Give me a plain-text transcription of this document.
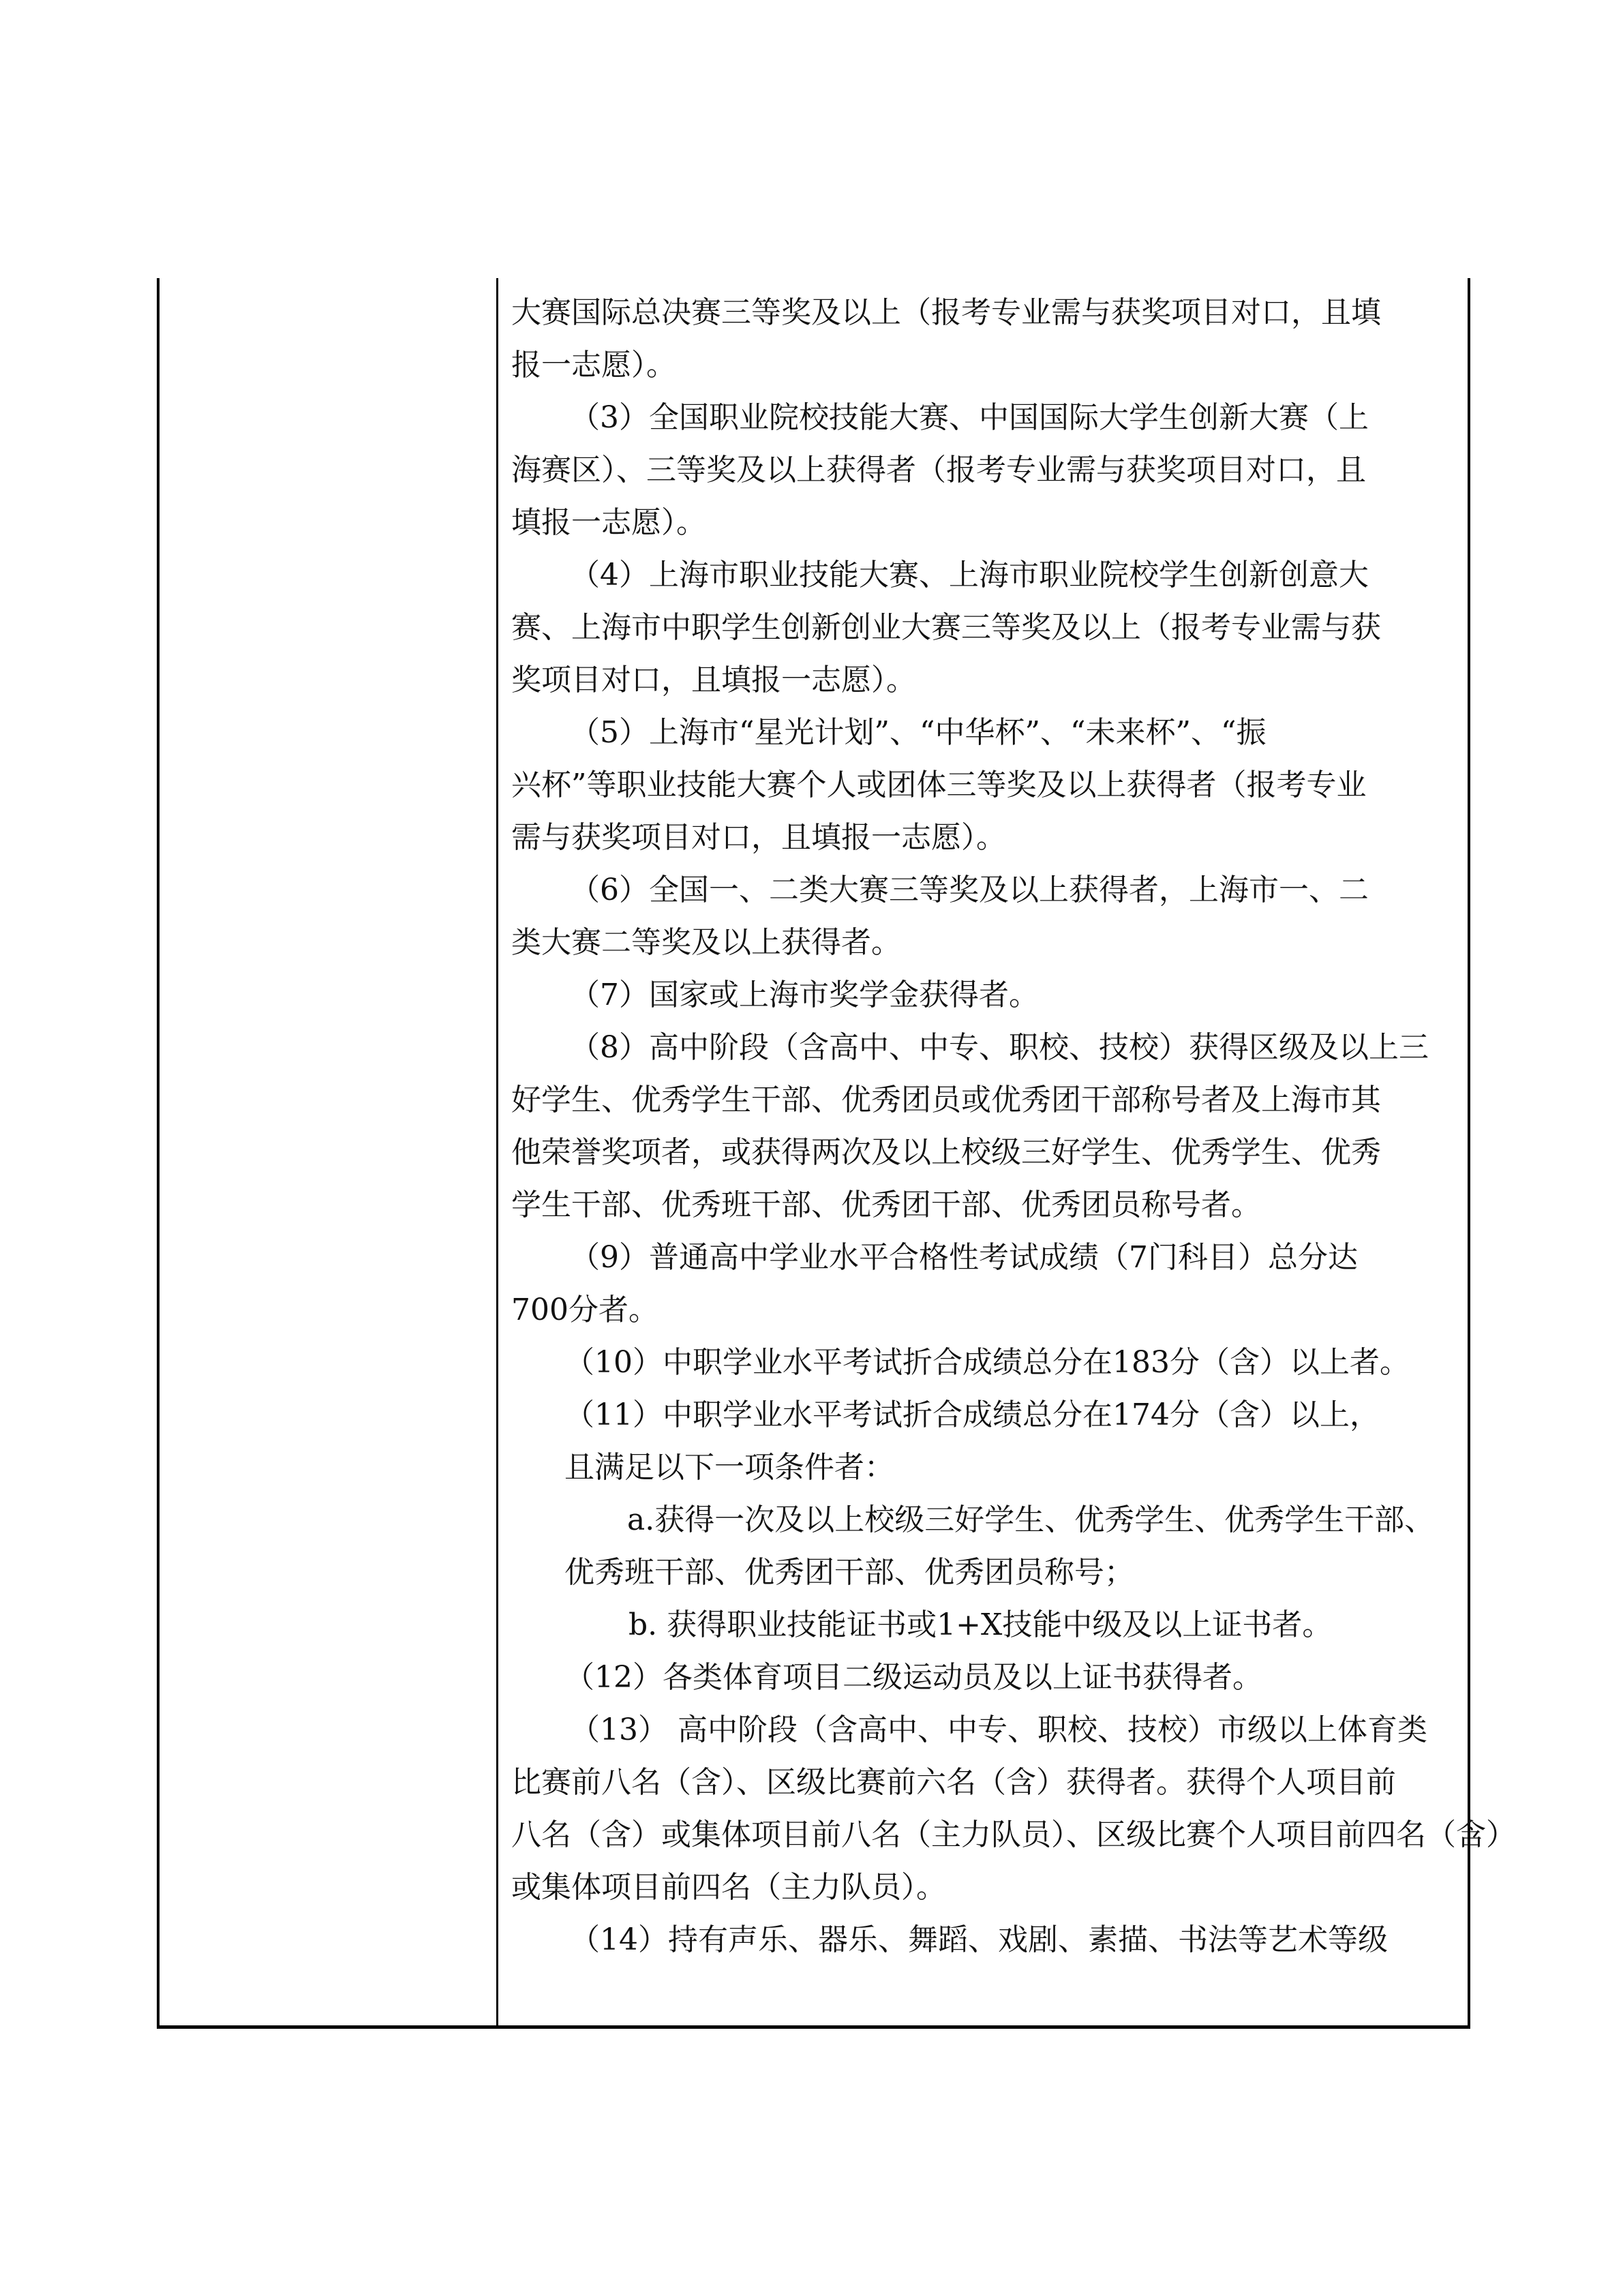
大赛国际总决赛三等奖及以上（报考专业需与获奖项目对口，且填

报一志愿）。

（3）全国职业院校技能大赛、中国国际大学生创新大赛（上

海赛区）、三等奖及以上获得者（报考专业需与获奖项目对口，且

填报一志愿）。

（4）上海市职业技能大赛、上海市职业院校学生创新创意大

赛、上海市中职学生创新创业大赛三等奖及以上（报考专业需与获

奖项目对口，且填报一志愿）。

（5）上海市“星光计划”、“中华杯”、“未来杯”、“振

兴杯”等职业技能大赛个人或团体三等奖及以上获得者（报考专业

需与获奖项目对口，且填报一志愿）。

（6）全国一、二类大赛三等奖及以上获得者，上海市一、二

类大赛二等奖及以上获得者。

（7）国家或上海市奖学金获得者。

（8）高中阶段（含高中、中专、职校、技校）获得区级及以上三

好学生、优秀学生干部、优秀团员或优秀团干部称号者及上海市其

他荣誉奖项者，或获得两次及以上校级三好学生、优秀学生、优秀

学生干部、优秀班干部、优秀团干部、优秀团员称号者。

（9）普通高中学业水平合格性考试成绩（7门科目）总分达

700分者。

（10）中职学业水平考试折合成绩总分在183分（含）以上者。

（11）中职学业水平考试折合成绩总分在174分（含）以上，

且满足以下一项条件者：

a.获得一次及以上校级三好学生、优秀学生、优秀学生干部、

优秀班干部、优秀团干部、优秀团员称号；

b. 获得职业技能证书或1+X技能中级及以上证书者。

（12）各类体育项目二级运动员及以上证书获得者。

（13） 高中阶段（含高中、中专、职校、技校）市级以上体育类

比赛前八名（含）、区级比赛前六名（含）获得者。获得个人项目前

八名（含）或集体项目前八名（主力队员）、区级比赛个人项目前四名（含）

或集体项目前四名（主力队员）。

（14）持有声乐、器乐、舞蹈、戏剧、素描、书法等艺术等级
